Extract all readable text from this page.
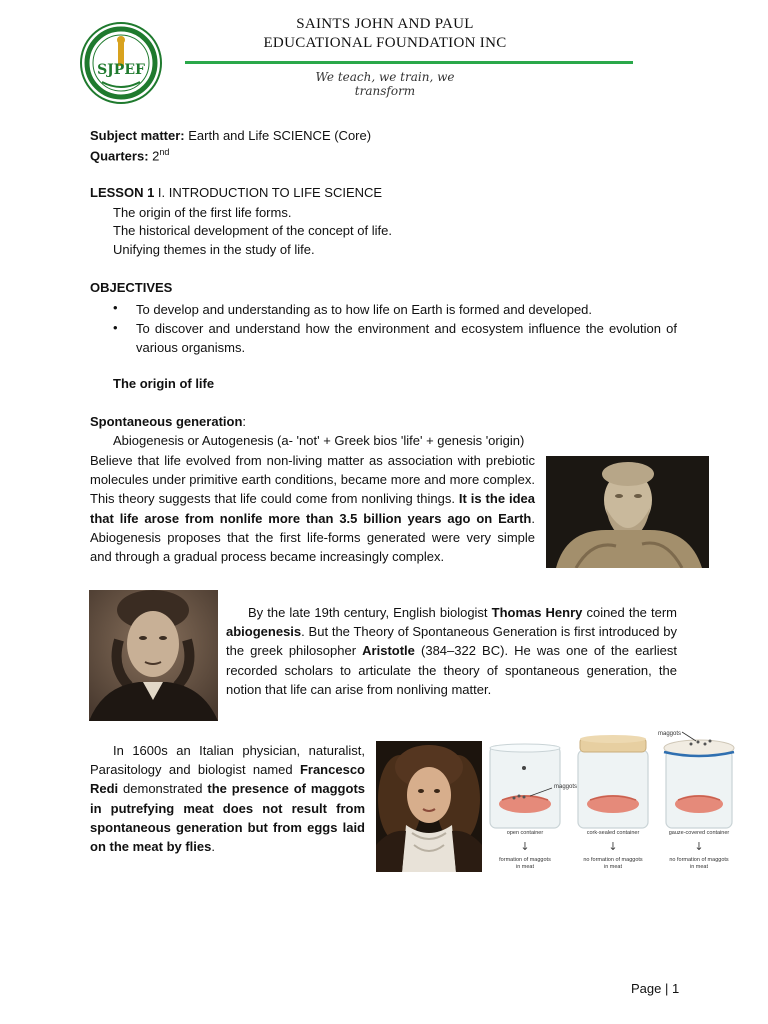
SJPEF
SAINTS JOHN AND PAUL
EDUCATIONAL FOUNDATION INC
We teach, we train, we transform
Subject matter: Earth and Life SCIENCE (Core)
Quarters: 2nd
LESSON 1 I. INTRODUCTION TO LIFE SCIENCE
The origin of the first life forms.
The historical development of the concept of life.
Unifying themes in the study of life.
OBJECTIVES
•	To develop and understanding as to how life on Earth is formed and developed.
•	To discover and understand how the environment and ecosystem influence the evolution of various organisms.
The origin of life
Spontaneous generation:
Abiogenesis or Autogenesis (a- 'not' + Greek bios 'life' + genesis 'origin)
Believe that life evolved from non-living matter as association with prebiotic molecules under primitive earth conditions, became more and more complex. This theory suggests that life could come from nonliving things. It is the idea that life arose from nonlife more than 3.5 billion years ago on Earth. Abiogenesis proposes that the first life-forms generated were very simple and through a gradual process became increasingly complex.
By the late 19th century, English biologist Thomas Henry coined the term abiogenesis. But the Theory of Spontaneous Generation is first introduced by the greek philosopher Aristotle (384–322 BC). He was one of the earliest recorded scholars to articulate the theory of spontaneous generation, the notion that life can arise from nonliving matter.
In 1600s an Italian physician, naturalist, Parasitology and biologist named Francesco Redi demonstrated the presence of maggots in putrefying meat does not result from spontaneous generation but from eggs laid on the meat by flies.
maggots
maggots
open container	cork-sealed container	gauze-covered container
↓	↓	↓
formation of maggots
in meat
no formation of maggots
in meat
no formation of maggots
in meat
Page | 1
